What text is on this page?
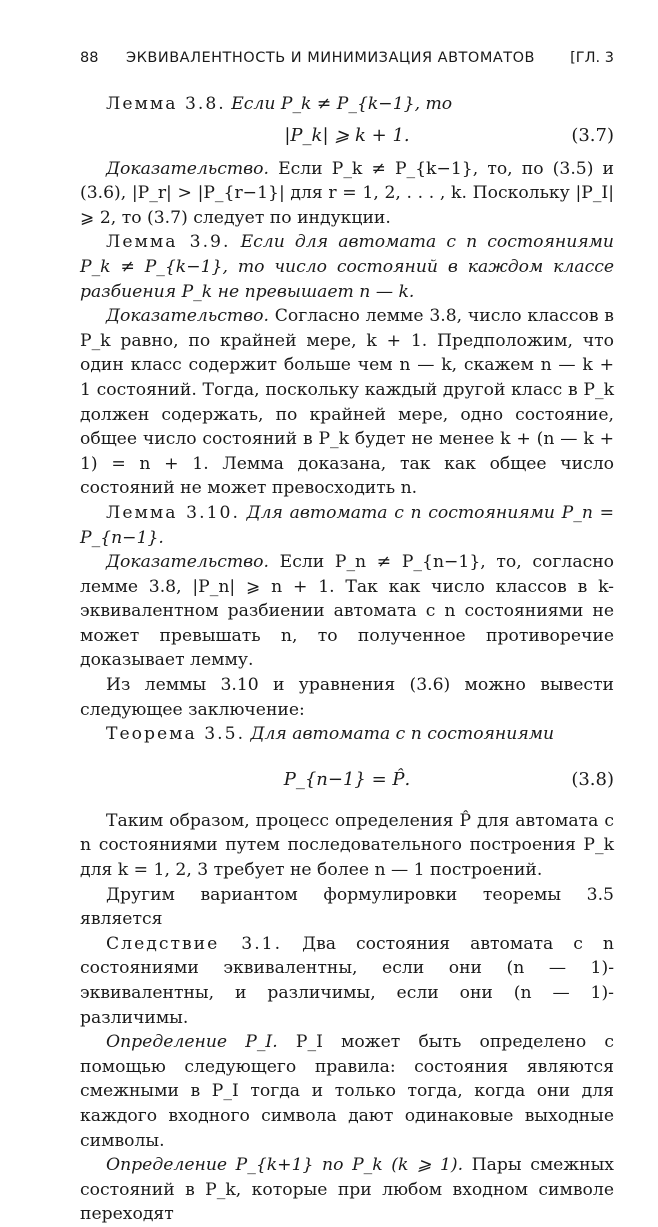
88 ЭКВИВАЛЕНТНОСТЬ И МИНИМИЗАЦИЯ АВТОМАТОВ [ГЛ. 3

Лемма 3.8. Если P_k ≠ P_{k−1}, то

|P_k| ⩾ k + 1.	(3.7)

Доказательство. Если P_k ≠ P_{k−1}, то, по (3.5) и (3.6), |P_r| > |P_{r−1}| для r = 1, 2, . . . , k. Поскольку |P_I| ⩾ 2, то (3.7) следует по индукции.

Лемма 3.9. Если для автомата с n состояниями P_k ≠ P_{k−1}, то число состояний в каждом классе разбиения P_k не превышает n — k.

Доказательство. Согласно лемме 3.8, число классов в P_k равно, по крайней мере, k + 1. Предположим, что один класс содержит больше чем n — k, скажем n — k + 1 состояний. Тогда, поскольку каждый другой класс в P_k должен содержать, по крайней мере, одно состояние, общее число состояний в P_k будет не менее k + (n — k + 1) = n + 1. Лемма доказана, так как общее число состояний не может превосходить n.

Лемма 3.10. Для автомата с n состояниями P_n = P_{n−1}.

Доказательство. Если P_n ≠ P_{n−1}, то, согласно лемме 3.8, |P_n| ⩾ n + 1. Так как число классов в k-эквивалентном разбиении автомата с n состояниями не может превышать n, то полученное противоречие доказывает лемму.

Из леммы 3.10 и уравнения (3.6) можно вывести следующее заключение:

Теорема 3.5. Для автомата с n состояниями

P_{n−1} = P̂.	(3.8)

Таким образом, процесс определения P̂ для автомата с n состояниями путем последовательного построения P_k для k = 1, 2, 3 требует не более n — 1 построений.

Другим вариантом формулировки теоремы 3.5 является

Следствие 3.1. Два состояния автомата с n состояниями эквивалентны, если они (n — 1)-эквивалентны, и различимы, если они (n — 1)-различимы.

Определение P_I. P_I может быть определено с помощью следующего правила: состояния являются смежными в P_I тогда и только тогда, когда они для каждого входного символа дают одинаковые выходные символы.

Определение P_{k+1} по P_k (k ⩾ 1). Пары смежных состояний в P_k, которые при любом входном символе переходят
